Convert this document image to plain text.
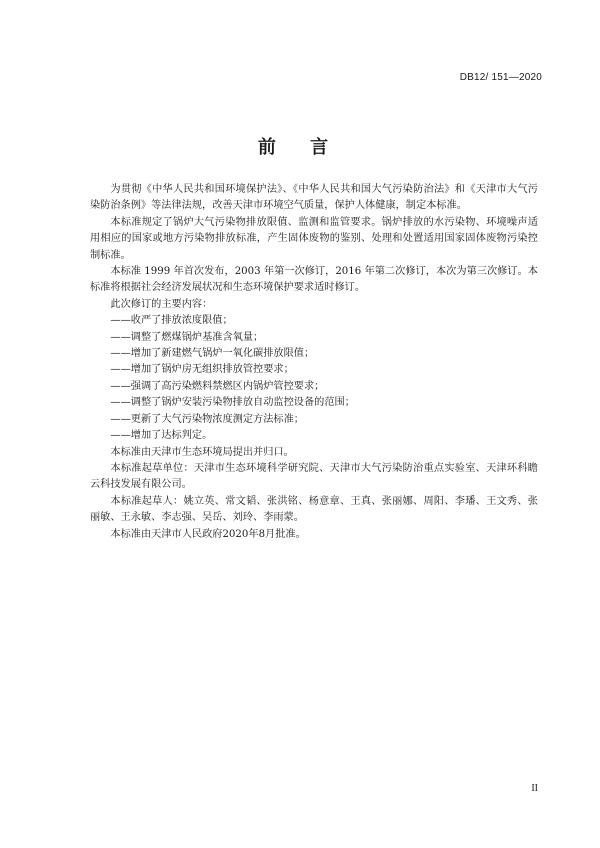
DB12/ 151—2020
前 言

为贯彻《中华人民共和国环境保护法》、《中华人民共和国大气污染防治法》和《天津市大气污染防治条例》等法律法规，改善天津市环境空气质量，保护人体健康，制定本标准。

本标准规定了锅炉大气污染物排放限值、监测和监管要求。锅炉排放的水污染物、环境噪声适用相应的国家或地方污染物排放标准，产生固体废物的鉴别、处理和处置适用国家固体废物污染控制标准。

本标准 1999 年首次发布，2003 年第一次修订，2016 年第二次修订，本次为第三次修订。本标准将根据社会经济发展状况和生态环境保护要求适时修订。

此次修订的主要内容：

——收严了排放浓度限值；

——调整了燃煤锅炉基准含氧量；

——增加了新建燃气锅炉一氧化碳排放限值；

——增加了锅炉房无组织排放管控要求；

——强调了高污染燃料禁燃区内锅炉管控要求；

——调整了锅炉安装污染物排放自动监控设备的范围；

——更新了大气污染物浓度测定方法标准；

——增加了达标判定。

本标准由天津市生态环境局提出并归口。

本标准起草单位：天津市生态环境科学研究院、天津市大气污染防治重点实验室、天津环科瞻云科技发展有限公司。

本标准起草人：姚立英、常文韬、张洪铭、杨意章、王真、张丽娜、周阳、李璠、王文秀、张丽敏、王永敏、李志强、吴岳、刘玲、李雨蒙。

本标准由天津市人民政府2020年8月批准。

II
